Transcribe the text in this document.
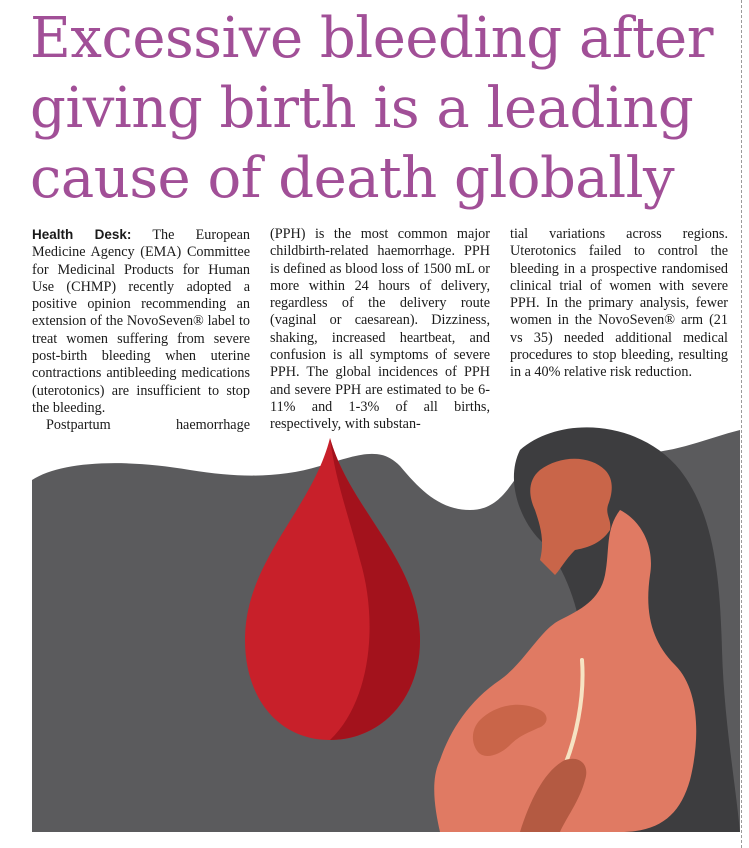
Excessive bleeding after giving birth is a leading cause of death globally

Health Desk: The European Medicine Agency (EMA) Committee for Medicinal Products for Human Use (CHMP) recently adopted a positive opinion recommending an extension of the NovoSeven® label to treat women suffering from severe post-birth bleeding when uterine contractions antibleeding medications (uterotonics) are insufficient to stop the bleeding.

Postpartum haemorrhage

(PPH) is the most common major childbirth-related haemorrhage. PPH is defined as blood loss of 1500 mL or more within 24 hours of delivery, regardless of the delivery route (vaginal or caesarean). Dizziness, shaking, increased heartbeat, and confusion is all symptoms of severe PPH. The global incidences of PPH and severe PPH are estimated to be 6-11% and 1-3% of all births, respectively, with substan-

tial variations across regions. Uterotonics failed to control the bleeding in a prospective randomised clinical trial of women with severe PPH. In the primary analysis, fewer women in the NovoSeven® arm (21 vs 35) needed additional medical procedures to stop bleeding, resulting in a 40% relative risk reduction.
